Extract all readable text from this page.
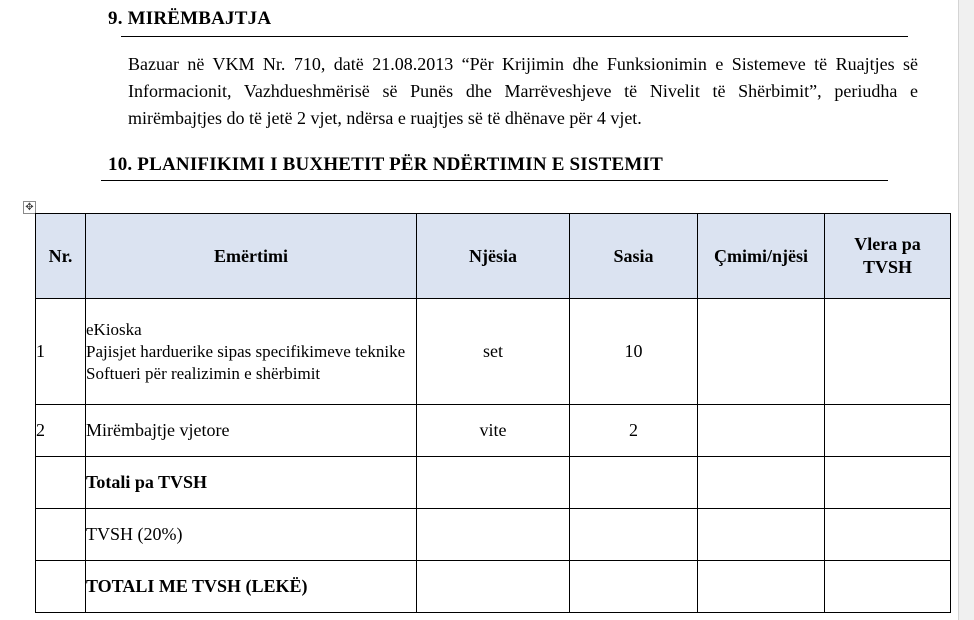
9. MIRËMBAJTJA
Bazuar në VKM Nr. 710, datë 21.08.2013 “Për Krijimin dhe Funksionimin e Sistemeve të Ruajtjes së Informacionit, Vazhdueshmërisë së Punës dhe Marrëveshjeve të Nivelit të Shërbimit”, periudha e mirëmbajtjes do të jetë 2 vjet, ndërsa e ruajtjes së të dhënave për 4 vjet.
10. PLANIFIKIMI I BUXHETIT PËR NDËRTIMIN E SISTEMIT
✥
Nr.	Emërtimi	Njësia	Sasia	Çmimi/njësi	Vlera pa
TVSH

1	eKioska
Pajisjet harduerike sipas specifikimeve teknike
Softueri për realizimin e shërbimit	set	10		
2	Mirëmbajtje vjetore	vite	2		
	Totali pa TVSH				
	TVSH (20%)				
	TOTALI ME TVSH (LEKË)				
